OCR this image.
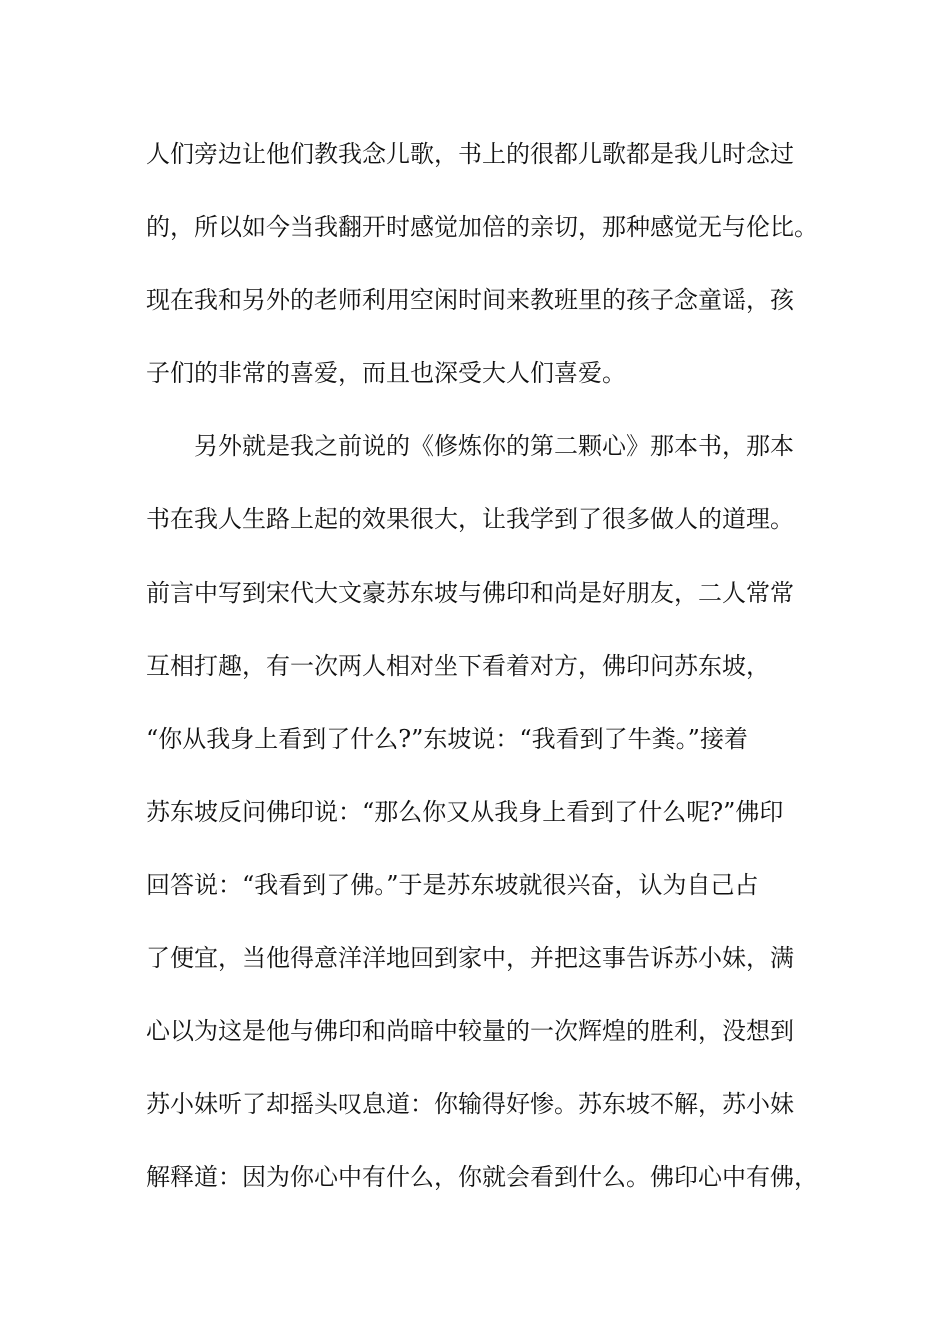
人们旁边让他们教我念儿歌，书上的很都儿歌都是我儿时念过
的，所以如今当我翻开时感觉加倍的亲切，那种感觉无与伦比。
现在我和另外的老师利用空闲时间来教班里的孩子念童谣，孩
子们的非常的喜爱，而且也深受大人们喜爱。
另外就是我之前说的《修炼你的第二颗心》那本书，那本
书在我人生路上起的效果很大，让我学到了很多做人的道理。
前言中写到宋代大文豪苏东坡与佛印和尚是好朋友，二人常常
互相打趣，有一次两人相对坐下看着对方，佛印问苏东坡，
“你从我身上看到了什么?”东坡说：“我看到了牛粪。”接着
苏东坡反问佛印说：“那么你又从我身上看到了什么呢?”佛印
回答说：“我看到了佛。”于是苏东坡就很兴奋，认为自己占
了便宜，当他得意洋洋地回到家中，并把这事告诉苏小妹，满
心以为这是他与佛印和尚暗中较量的一次辉煌的胜利，没想到
苏小妹听了却摇头叹息道：你输得好惨。苏东坡不解，苏小妹
解释道：因为你心中有什么，你就会看到什么。佛印心中有佛，
